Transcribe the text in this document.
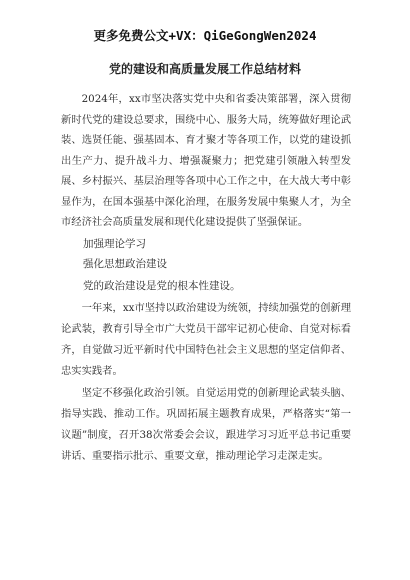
更多免费公文+VX：QiGeGongWen2024
党的建设和高质量发展工作总结材料
2024年，xx市坚决落实党中央和省委决策部署，深入贯彻新时代党的建设总要求，围绕中心、服务大局，统筹做好理论武装、选贤任能、强基固本、育才聚才等各项工作，以党的建设抓出生产力、提升战斗力、增强凝聚力；把党建引领融入转型发展、乡村振兴、基层治理等各项中心工作之中，在大战大考中彰显作为，在国本强基中深化治理，在服务发展中集聚人才，为全市经济社会高质量发展和现代化建设提供了坚强保证。
加强理论学习
强化思想政治建设
党的政治建设是党的根本性建设。
一年来，xx市坚持以政治建设为统领，持续加强党的创新理论武装，教育引导全市广大党员干部牢记初心使命、自觉对标看齐，自觉做习近平新时代中国特色社会主义思想的坚定信仰者、忠实实践者。
坚定不移强化政治引领。自觉运用党的创新理论武装头脑、指导实践、推动工作。巩固拓展主题教育成果，严格落实“第一议题”制度，召开38次常委会会议，跟进学习习近平总书记重要讲话、重要指示批示、重要文章，推动理论学习走深走实。
